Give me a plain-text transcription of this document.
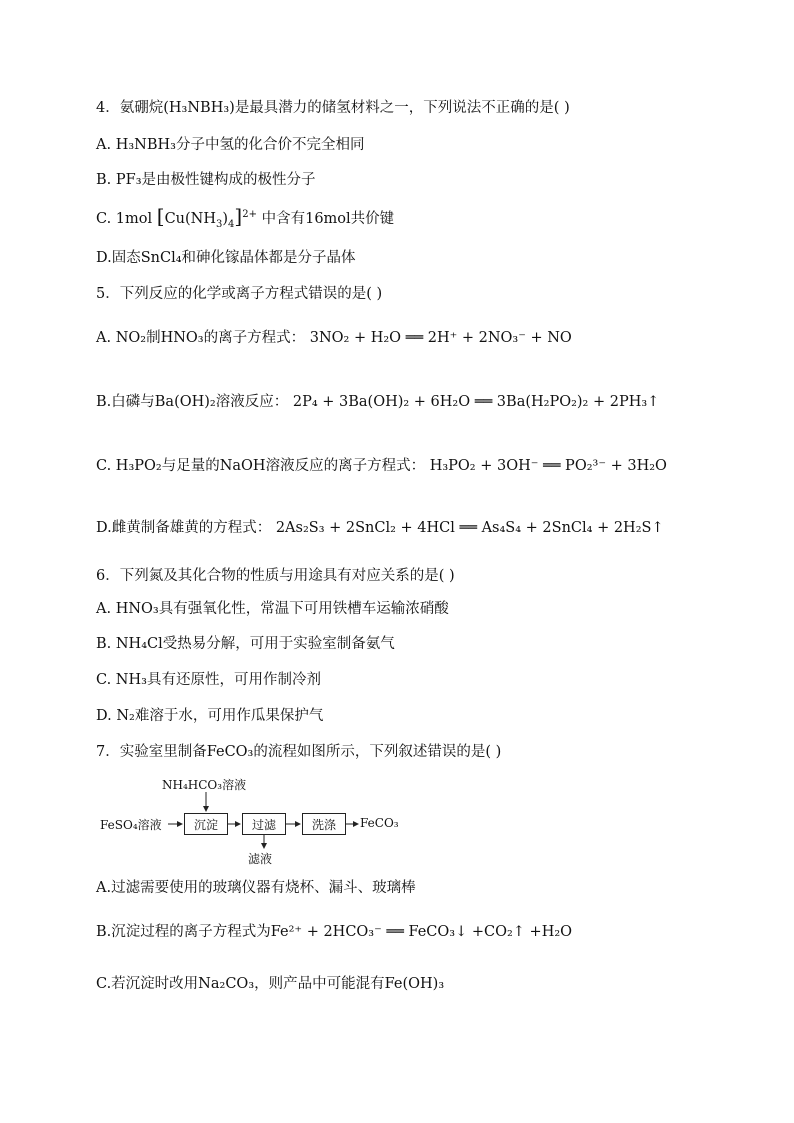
4．氨硼烷(H₃NBH₃)是最具潜力的储氢材料之一，下列说法不正确的是( )
A. H₃NBH₃分子中氢的化合价不完全相同
B. PF₃是由极性键构成的极性分子
C. 1mol $[Cu(NH_3)_4]^{2+}$ 中含有16mol共价键
D.固态SnCl₄和砷化镓晶体都是分子晶体
5．下列反应的化学或离子方程式错误的是( )
A. NO₂制HNO₃的离子方程式： 3NO₂ + H₂O ══ 2H⁺ + 2NO₃⁻ + NO
B.白磷与Ba(OH)₂溶液反应： 2P₄ + 3Ba(OH)₂ + 6H₂O ══ 3Ba(H₂PO₂)₂ + 2PH₃↑
C. H₃PO₂与足量的NaOH溶液反应的离子方程式： H₃PO₂ + 3OH⁻ ══ PO₂³⁻ + 3H₂O
D.雌黄制备雄黄的方程式： 2As₂S₃ + 2SnCl₂ + 4HCl ══ As₄S₄ + 2SnCl₄ + 2H₂S↑
6．下列氮及其化合物的性质与用途具有对应关系的是( )
A. HNO₃具有强氧化性，常温下可用铁槽车运输浓硝酸
B. NH₄Cl受热易分解，可用于实验室制备氨气
C. NH₃具有还原性，可用作制冷剂
D. N₂难溶于水，可用作瓜果保护气
7．实验室里制备FeCO₃的流程如图所示，下列叙述错误的是( )
NH₄HCO₃溶液
FeSO₄溶液	沉淀	过滤	洗涤	FeCO₃
滤液
A.过滤需要使用的玻璃仪器有烧杯、漏斗、玻璃棒
B.沉淀过程的离子方程式为Fe²⁺ + 2HCO₃⁻ ══ FeCO₃↓ +CO₂↑ +H₂O
C.若沉淀时改用Na₂CO₃，则产品中可能混有Fe(OH)₃
